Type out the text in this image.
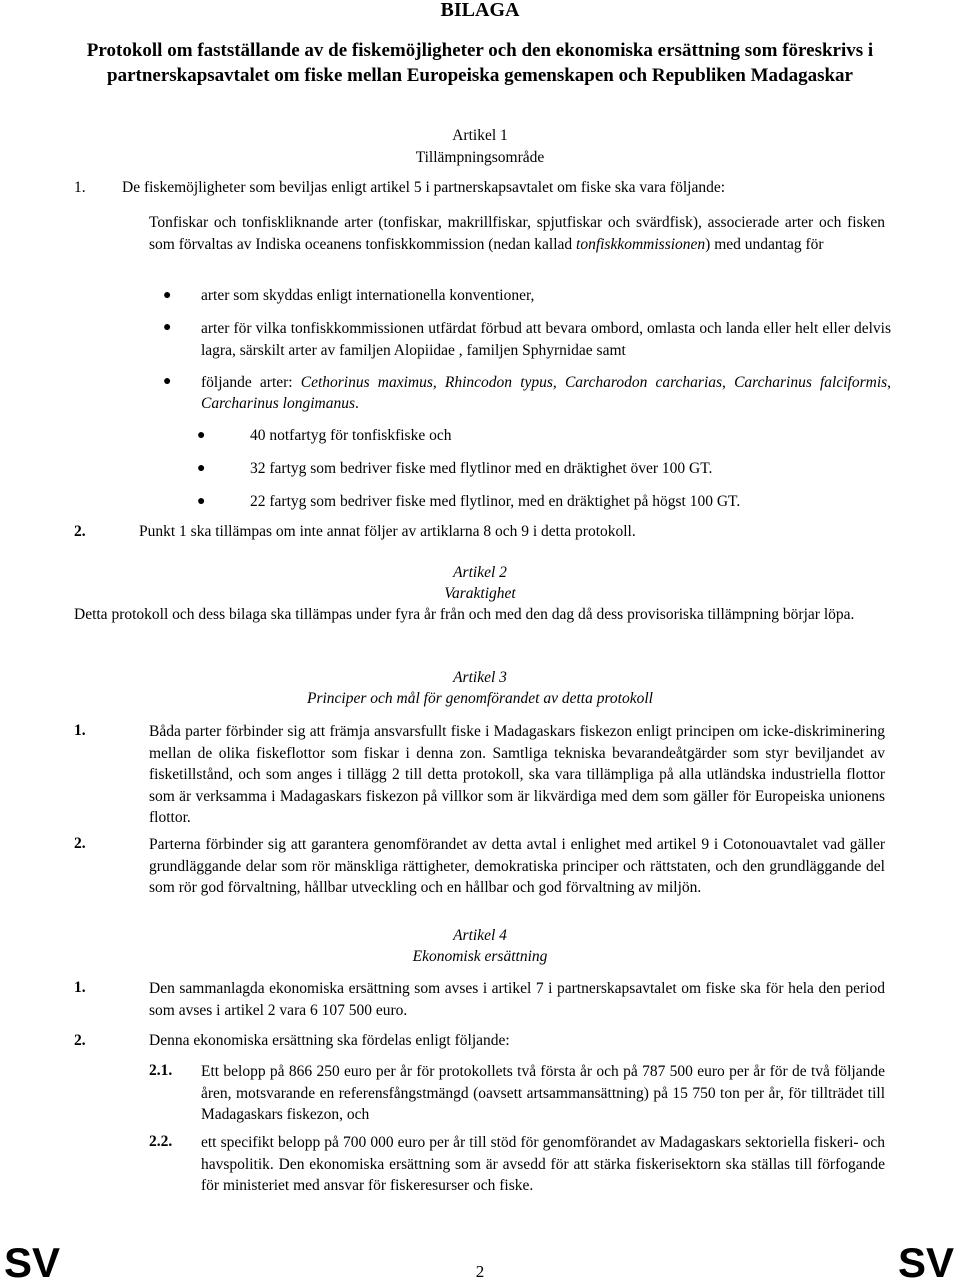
BILAGA
Protokoll om fastställande av de fiskemöjligheter och den ekonomiska ersättning som föreskrivs i partnerskapsavtalet om fiske mellan Europeiska gemenskapen och Republiken Madagaskar
Artikel 1
Tillämpningsområde
1. De fiskemöjligheter som beviljas enligt artikel 5 i partnerskapsavtalet om fiske ska vara följande:
Tonfiskar och tonfiskliknande arter (tonfiskar, makrillfiskar, spjutfiskar och svärdfisk), associerade arter och fisken som förvaltas av Indiska oceanens tonfiskkommission (nedan kallad tonfiskkommissionen) med undantag för
● arter som skyddas enligt internationella konventioner,
● arter för vilka tonfiskkommissionen utfärdat förbud att bevara ombord, omlasta och landa eller helt eller delvis lagra, särskilt arter av familjen Alopiidae , familjen Sphyrnidae samt
● följande arter: Cethorinus maximus, Rhincodon typus, Carcharodon carcharias, Carcharinus falciformis, Carcharinus longimanus.
●	40 notfartyg för tonfiskfiske och
●	32 fartyg som bedriver fiske med flytlinor med en dräktighet över 100 GT.
●	22 fartyg som bedriver fiske med flytlinor, med en dräktighet på högst 100 GT.
2.	Punkt 1 ska tillämpas om inte annat följer av artiklarna 8 och 9 i detta protokoll.
Artikel 2
Varaktighet
Detta protokoll och dess bilaga ska tillämpas under fyra år från och med den dag då dess provisoriska tillämpning börjar löpa.
Artikel 3
Principer och mål för genomförandet av detta protokoll
1.	Båda parter förbinder sig att främja ansvarsfullt fiske i Madagaskars fiskezon enligt principen om icke-diskriminering mellan de olika fiskeflottor som fiskar i denna zon. Samtliga tekniska bevarandeåtgärder som styr beviljandet av fisketillstånd, och som anges i tillägg 2 till detta protokoll, ska vara tillämpliga på alla utländska industriella flottor som är verksamma i Madagaskars fiskezon på villkor som är likvärdiga med dem som gäller för Europeiska unionens flottor.
2.	Parterna förbinder sig att garantera genomförandet av detta avtal i enlighet med artikel 9 i Cotonouavtalet vad gäller grundläggande delar som rör mänskliga rättigheter, demokratiska principer och rättstaten, och den grundläggande del som rör god förvaltning, hållbar utveckling och en hållbar och god förvaltning av miljön.
Artikel 4
Ekonomisk ersättning
1.	Den sammanlagda ekonomiska ersättning som avses i artikel 7 i partnerskapsavtalet om fiske ska för hela den period som avses i artikel 2 vara 6 107 500 euro.
2.	Denna ekonomiska ersättning ska fördelas enligt följande:
2.1. Ett belopp på 866 250 euro per år för protokollets två första år och på 787 500 euro per år för de två följande åren, motsvarande en referensfångstmängd (oavsett artsammansättning) på 15 750 ton per år, för tillträdet till Madagaskars fiskezon, och
2.2. ett specifikt belopp på 700 000 euro per år till stöd för genomförandet av Madagaskars sektoriella fiskeri- och havspolitik. Den ekonomiska ersättning som är avsedd för att stärka fiskerisektorn ska ställas till förfogande för ministeriet med ansvar för fiskeresurser och fiske.
SV	2	SV
